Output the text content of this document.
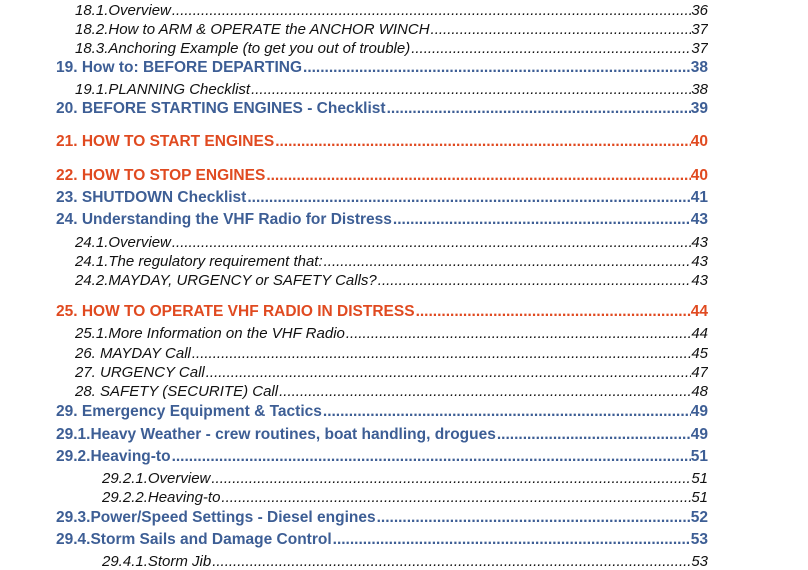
18.1.Overview .....	36
18.2.How to ARM & OPERATE the ANCHOR WINCH .....	37
18.3.Anchoring Example (to get you out of trouble) .....	37
19. How to: BEFORE DEPARTING .....	38
19.1.PLANNING Checklist .....	38
20. BEFORE STARTING ENGINES - Checklist .....	39
21. HOW TO START ENGINES .....	40
22. HOW TO STOP ENGINES .....	40
23. SHUTDOWN Checklist .....	41
24. Understanding the VHF Radio for Distress .....	43
24.1.Overview .....	43
24.1.The regulatory requirement that: .....	43
24.2.MAYDAY, URGENCY or SAFETY Calls? .....	43
25. HOW TO OPERATE VHF RADIO IN DISTRESS .....	44
25.1.More Information on the VHF Radio .....	44
26. MAYDAY Call .....	45
27. URGENCY Call .....	47
28. SAFETY (SECURITE) Call .....	48
29. Emergency Equipment & Tactics .....	49
29.1.Heavy Weather - crew routines, boat handling, drogues .....	49
29.2.Heaving-to .....	51
29.2.1.Overview .....	51
29.2.2.Heaving-to .....	51
29.3.Power/Speed Settings - Diesel engines .....	52
29.4.Storm Sails and Damage Control .....	53
29.4.1.Storm Jib .....	53
